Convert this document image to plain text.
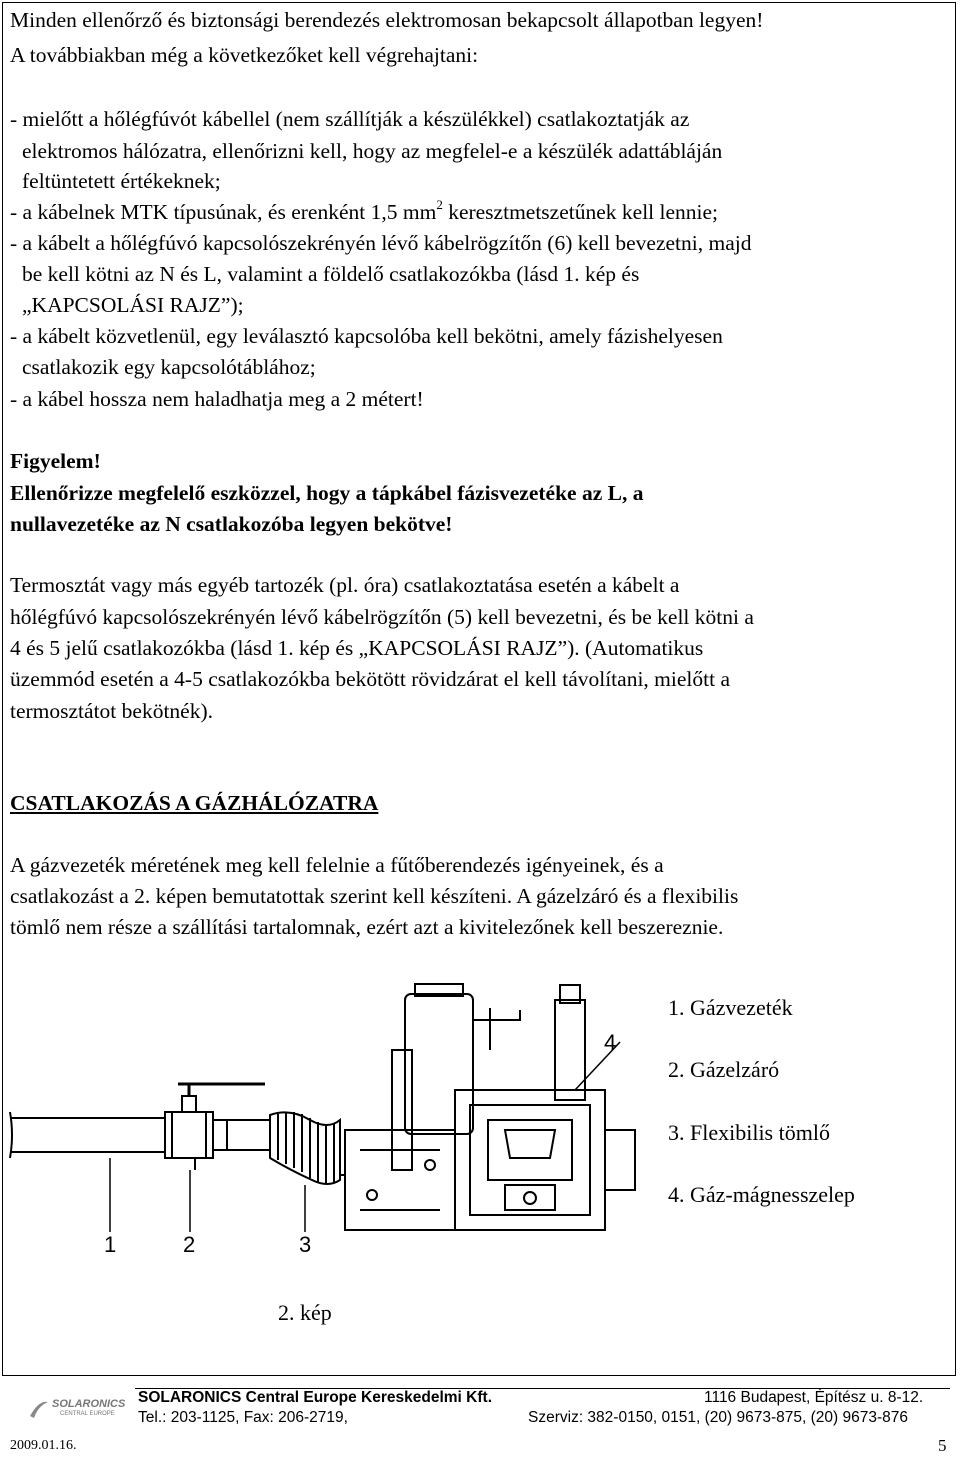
Minden ellenőrző és biztonsági berendezés elektromosan bekapcsolt állapotban legyen!
A továbbiakban még a következőket kell végrehajtani:
- mielőtt a hőlégfúvót kábellel (nem szállítják a készülékkel) csatlakoztatják az
elektromos hálózatra, ellenőrizni kell, hogy az megfelel-e a készülék adattábláján
feltüntetett értékeknek;
- a kábelnek MTK típusúnak, és erenként 1,5 $mm^2$ keresztmetszetűnek kell lennie;
- a kábelt a hőlégfúvó kapcsolószekrényén lévő kábelrögzítőn (6) kell bevezetni, majd
be kell kötni az N és L, valamint a földelő csatlakozókba (lásd 1. kép és
„KAPCSOLÁSI RAJZ”);
- a kábelt közvetlenül, egy leválasztó kapcsolóba kell bekötni, amely fázishelyesen
csatlakozik egy kapcsolótáblához;
- a kábel hossza nem haladhatja meg a 2 métert!
Figyelem!
Ellenőrizze megfelelő eszközzel, hogy a tápkábel fázisvezetéke az L, a
nullavezetéke az N csatlakozóba legyen bekötve!
Termosztát vagy más egyéb tartozék (pl. óra) csatlakoztatása esetén a kábelt a
hőlégfúvó kapcsolószekrényén lévő kábelrögzítőn (5) kell bevezetni, és be kell kötni a
4 és 5 jelű csatlakozókba (lásd 1. kép és „KAPCSOLÁSI RAJZ”). (Automatikus
üzemmód esetén a 4-5 csatlakozókba bekötött rövidzárat el kell távolítani, mielőtt a
termosztátot bekötnék).
CSATLAKOZÁS A GÁZHÁLÓZATRA
A gázvezeték méretének meg kell felelnie a fűtőberendezés igényeinek, és a
csatlakozást a 2. képen bemutatottak szerint kell készíteni. A gázelzáró és a flexibilis
tömlő nem része a szállítási tartalomnak, ezért azt a kivitelezőnek kell beszereznie.
1	2	3
4
1. Gázvezeték
2. Gázelzáró
3. Flexibilis tömlő
4. Gáz-mágnesszelep
2. kép
SOLARONICS
CENTRAL EUROPE
SOLARONICS Central Europe Kereskedelmi Kft.	1116 Budapest, Építész u. 8-12.
Tel.: 203-1125, Fax: 206-2719,	Szerviz: 382-0150, 0151, (20) 9673-875, (20) 9673-876
2009.01.16.	5
